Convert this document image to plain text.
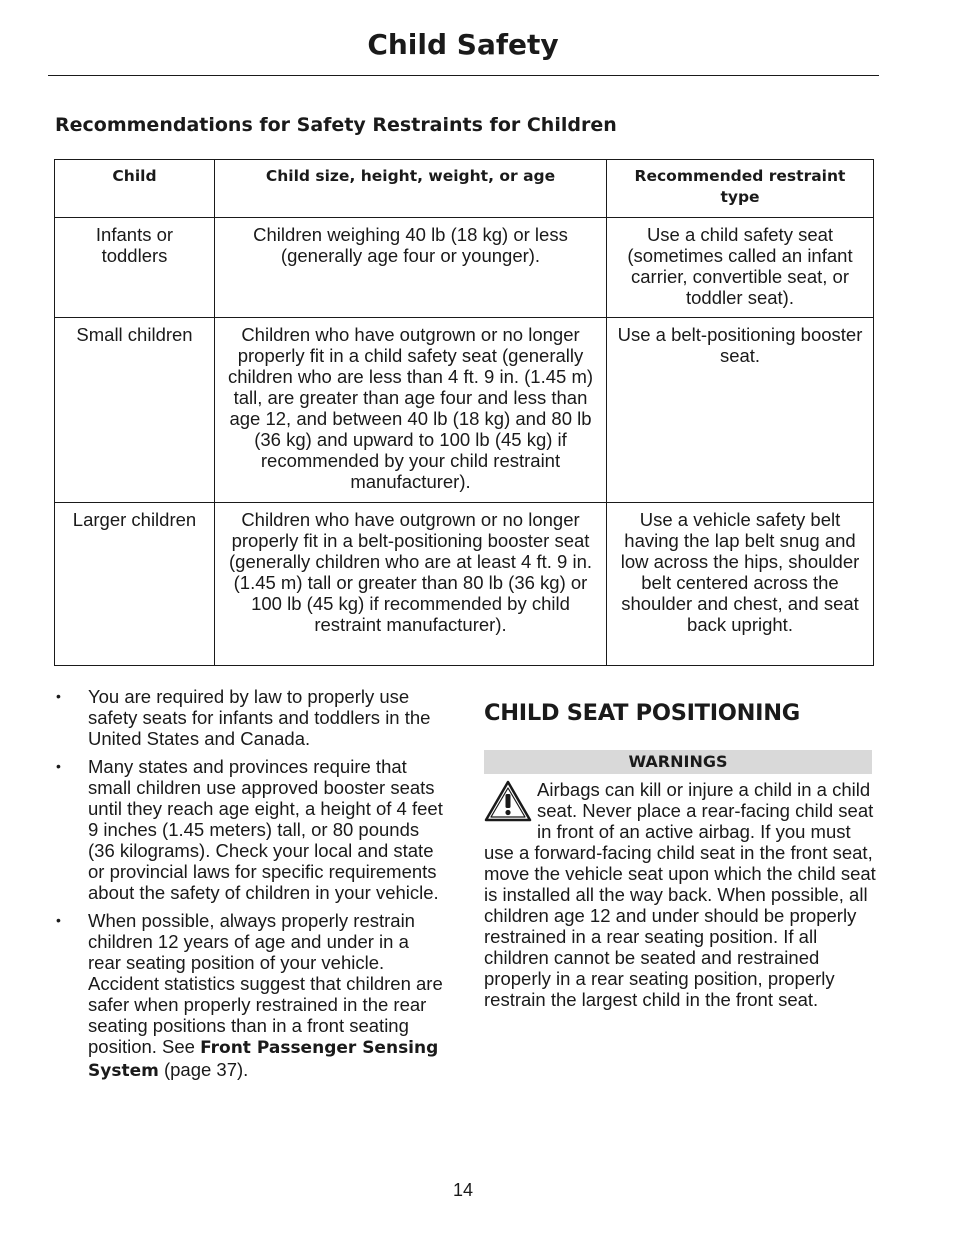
Child Safety
Recommendations for Safety Restraints for Children
Child	Child size, height, weight, or age	Recommended restraint type
Infants or toddlers	Children weighing 40 lb (18 kg) or less (generally age four or younger).	Use a child safety seat (sometimes called an infant carrier, convertible seat, or toddler seat).
Small children	Children who have outgrown or no longer properly fit in a child safety seat (generally children who are less than 4 ft. 9 in. (1.45 m) tall, are greater than age four and less than age 12, and between 40 lb (18 kg) and 80 lb (36 kg) and upward to 100 lb (45 kg) if recommended by your child restraint manufacturer).	Use a belt-positioning booster seat.
Larger children	Children who have outgrown or no longer properly fit in a belt-positioning booster seat (generally children who are at least 4 ft. 9 in. (1.45 m) tall or greater than 80 lb (36 kg) or 100 lb (45 kg) if recommended by child restraint manufacturer).	Use a vehicle safety belt having the lap belt snug and low across the hips, shoulder belt centered across the shoulder and chest, and seat back upright.
• You are required by law to properly use safety seats for infants and toddlers in the United States and Canada.
• Many states and provinces require that small children use approved booster seats until they reach age eight, a height of 4 feet 9 inches (1.45 meters) tall, or 80 pounds (36 kilograms). Check your local and state or provincial laws for specific requirements about the safety of children in your vehicle.
• When possible, always properly restrain children 12 years of age and under in a rear seating position of your vehicle. Accident statistics suggest that children are safer when properly restrained in the rear seating positions than in a front seating position. See Front Passenger Sensing System (page 37).
CHILD SEAT POSITIONING
WARNINGS
Airbags can kill or injure a child in a child seat. Never place a rear-facing child seat in front of an active airbag. If you must use a forward-facing child seat in the front seat, move the vehicle seat upon which the child seat is installed all the way back. When possible, all children age 12 and under should be properly restrained in a rear seating position. If all children cannot be seated and restrained properly in a rear seating position, properly restrain the largest child in the front seat.
14
